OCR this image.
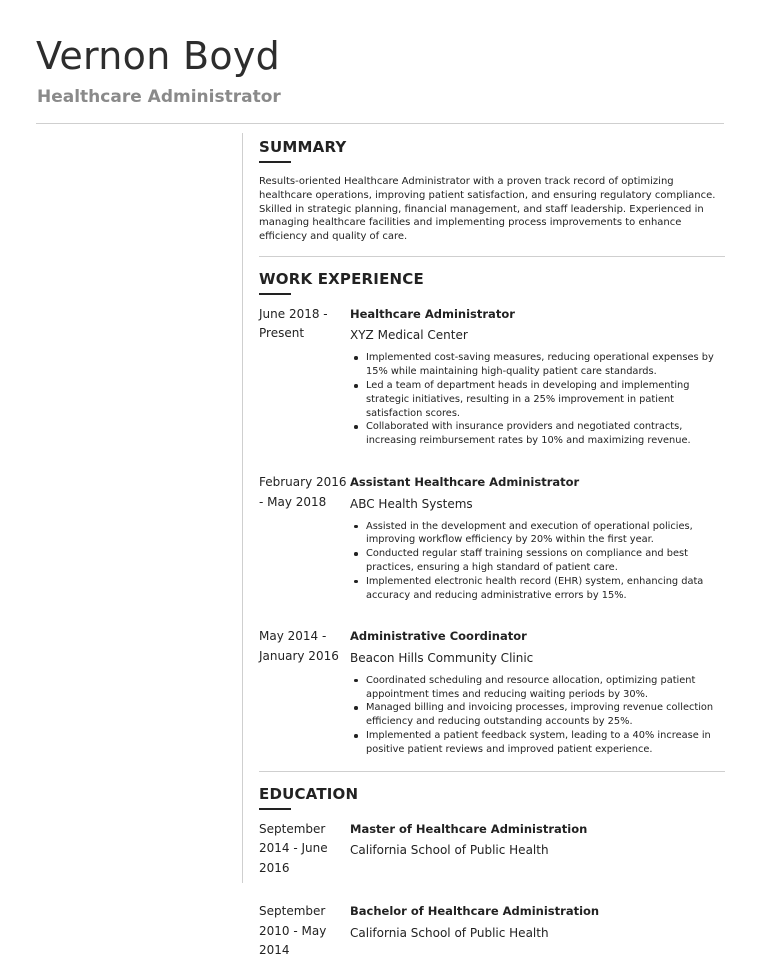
Vernon Boyd
Healthcare Administrator
SUMMARY

Results-oriented Healthcare Administrator with a proven track record of optimizing healthcare operations, improving patient satisfaction, and ensuring regulatory compliance. Skilled in strategic planning, financial management, and staff leadership. Experienced in managing healthcare facilities and implementing process improvements to enhance efficiency and quality of care.

WORK EXPERIENCE
June 2018 - Present
Healthcare Administrator
XYZ Medical Center
Implemented cost-saving measures, reducing operational expenses by 15% while maintaining high-quality patient care standards.
Led a team of department heads in developing and implementing strategic initiatives, resulting in a 25% improvement in patient satisfaction scores.
Collaborated with insurance providers and negotiated contracts, increasing reimbursement rates by 10% and maximizing revenue.
February 2016 - May 2018
Assistant Healthcare Administrator
ABC Health Systems
Assisted in the development and execution of operational policies, improving workflow efficiency by 20% within the first year.
Conducted regular staff training sessions on compliance and best practices, ensuring a high standard of patient care.
Implemented electronic health record (EHR) system, enhancing data accuracy and reducing administrative errors by 15%.
May 2014 - January 2016
Administrative Coordinator
Beacon Hills Community Clinic
Coordinated scheduling and resource allocation, optimizing patient appointment times and reducing waiting periods by 30%.
Managed billing and invoicing processes, improving revenue collection efficiency and reducing outstanding accounts by 25%.
Implemented a patient feedback system, leading to a 40% increase in positive patient reviews and improved patient experience.
EDUCATION
September 2014 - June 2016
Master of Healthcare Administration
California School of Public Health
September 2010 - May 2014
Bachelor of Healthcare Administration
California School of Public Health
